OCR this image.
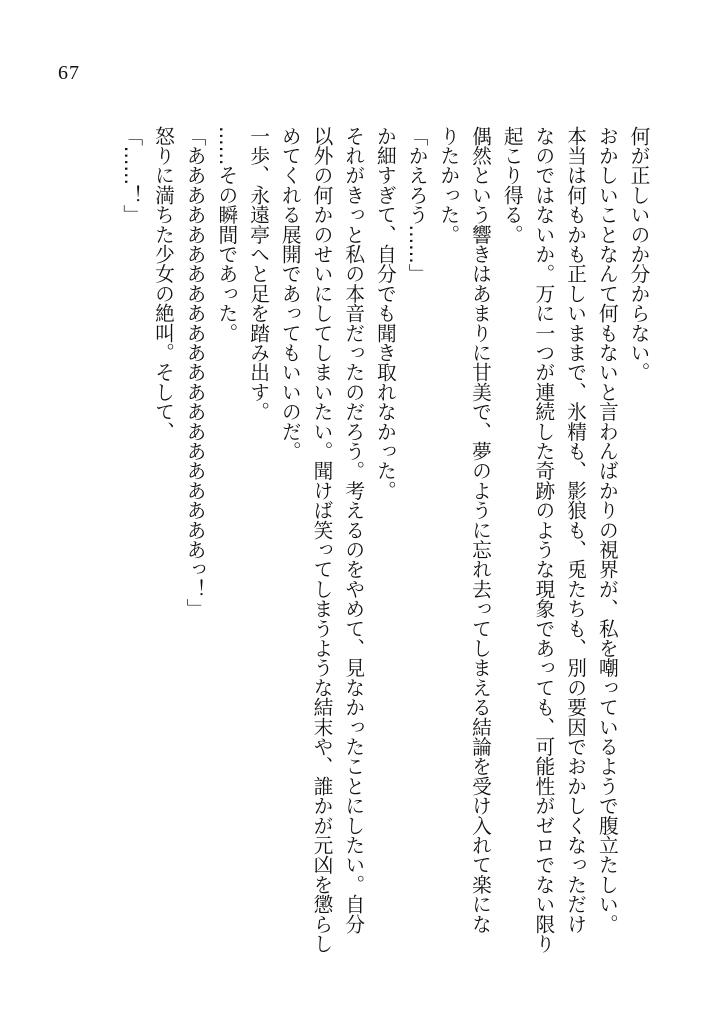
67

何が正しいのか分からない。
おかしいことなんて何もないと言わんばかりの視界が、私を嘲っているようで腹立たしい。
本当は何もかも正しいままで、氷精も、影狼も、兎たちも、別の要因でおかしくなっただけ
なのではないか。万に一つが連続した奇跡のような現象であっても、可能性がゼロでない限り
起こり得る。
偶然という響きはあまりに甘美で、夢のように忘れ去ってしまえる結論を受け入れて楽にな
りたかった。
「かえろう……」
か細すぎて、自分でも聞き取れなかった。
それがきっと私の本音だったのだろう。考えるのをやめて、見なかったことにしたい。自分
以外の何かのせいにしてしまいたい。聞けば笑ってしまうような結末や、誰かが元凶を懲らし
めてくれる展開であってもいいのだ。
一歩、永遠亭へと足を踏み出す。
……その瞬間であった。
「あああああああああああああああああああああっ！」
怒りに満ちた少女の絶叫。そして、
「……！」
